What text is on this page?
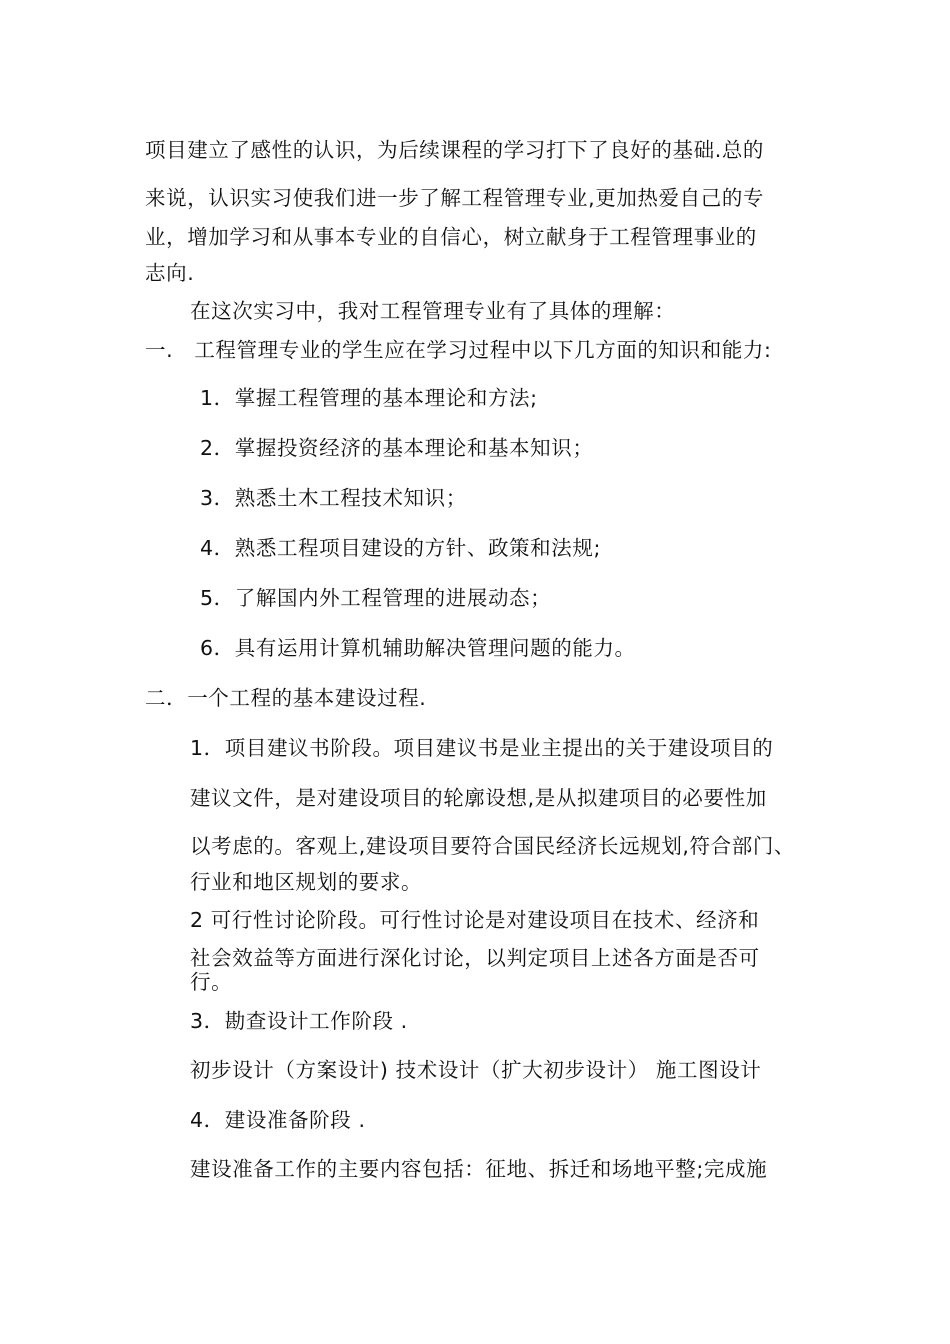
项目建立了感性的认识，为后续课程的学习打下了良好的基础.总的
来说，认识实习使我们进一步了解工程管理专业,更加热爱自己的专
业，增加学习和从事本专业的自信心，树立献身于工程管理事业的
志向.
在这次实习中，我对工程管理专业有了具体的理解：
一.　工程管理专业的学生应在学习过程中以下几方面的知识和能力:
1．掌握工程管理的基本理论和方法;
2．掌握投资经济的基本理论和基本知识；
3．熟悉土木工程技术知识；
4．熟悉工程项目建设的方针、政策和法规;
5．了解国内外工程管理的进展动态；
6．具有运用计算机辅助解决管理问题的能力。
二．一个工程的基本建设过程.
1．项目建议书阶段。项目建议书是业主提出的关于建设项目的
建议文件，是对建设项目的轮廓设想,是从拟建项目的必要性加
以考虑的。客观上,建设项目要符合国民经济长远规划,符合部门、
行业和地区规划的要求。
2 可行性讨论阶段。可行性讨论是对建设项目在技术、经济和
社会效益等方面进行深化讨论，以判定项目上述各方面是否可
行。
3．勘查设计工作阶段 .
初步设计（方案设计) 技术设计（扩大初步设计） 施工图设计
4．建设准备阶段 .
建设准备工作的主要内容包括：征地、拆迁和场地平整;完成施
